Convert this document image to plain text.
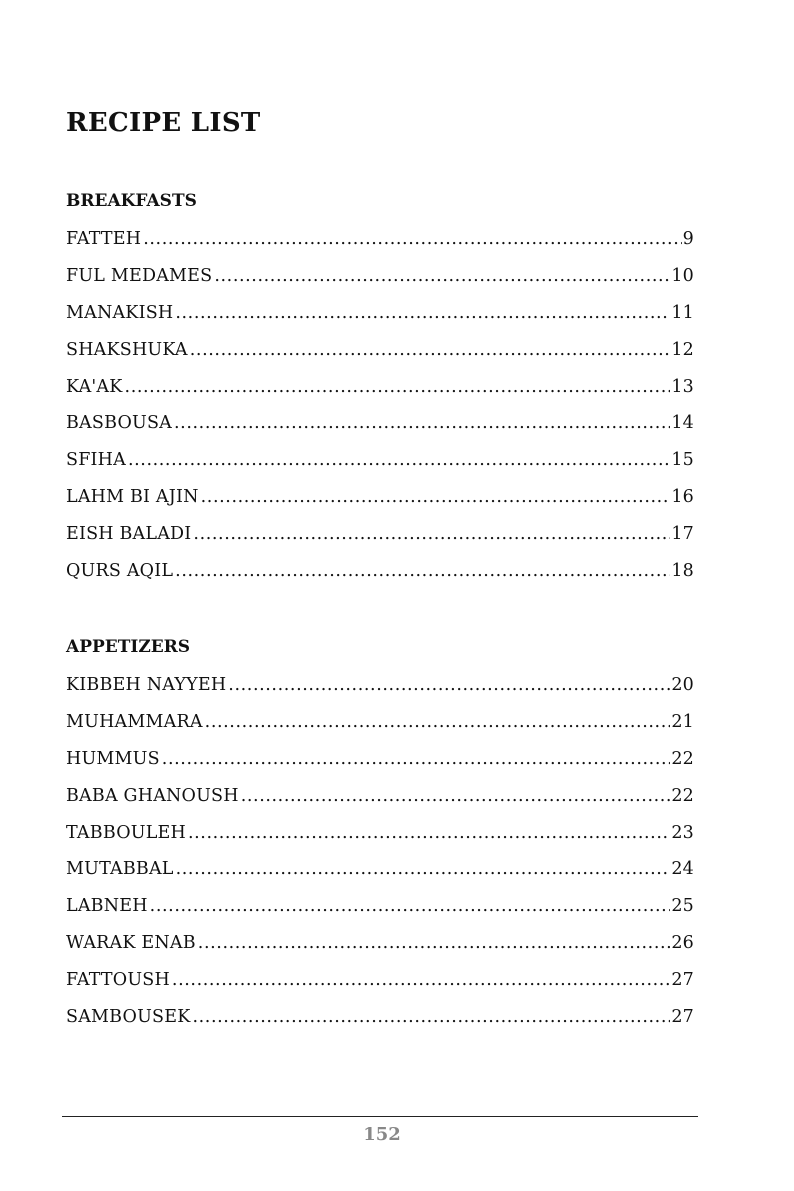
RECIPE LIST
BREAKFASTS
FATTEH .....	9
FUL MEDAMES .....	10
MANAKISH .....	11
SHAKSHUKA .....	12
KA'AK .....	13
BASBOUSA .....	14
SFIHA .....	15
LAHM BI AJIN .....	16
EISH BALADI .....	17
QURS AQIL .....	18
APPETIZERS
KIBBEH NAYYEH .....	20
MUHAMMARA .....	21
HUMMUS .....	22
BABA GHANOUSH .....	22
TABBOULEH .....	23
MUTABBAL .....	24
LABNEH .....	25
WARAK ENAB .....	26
FATTOUSH .....	27
SAMBOUSEK .....	27
152
